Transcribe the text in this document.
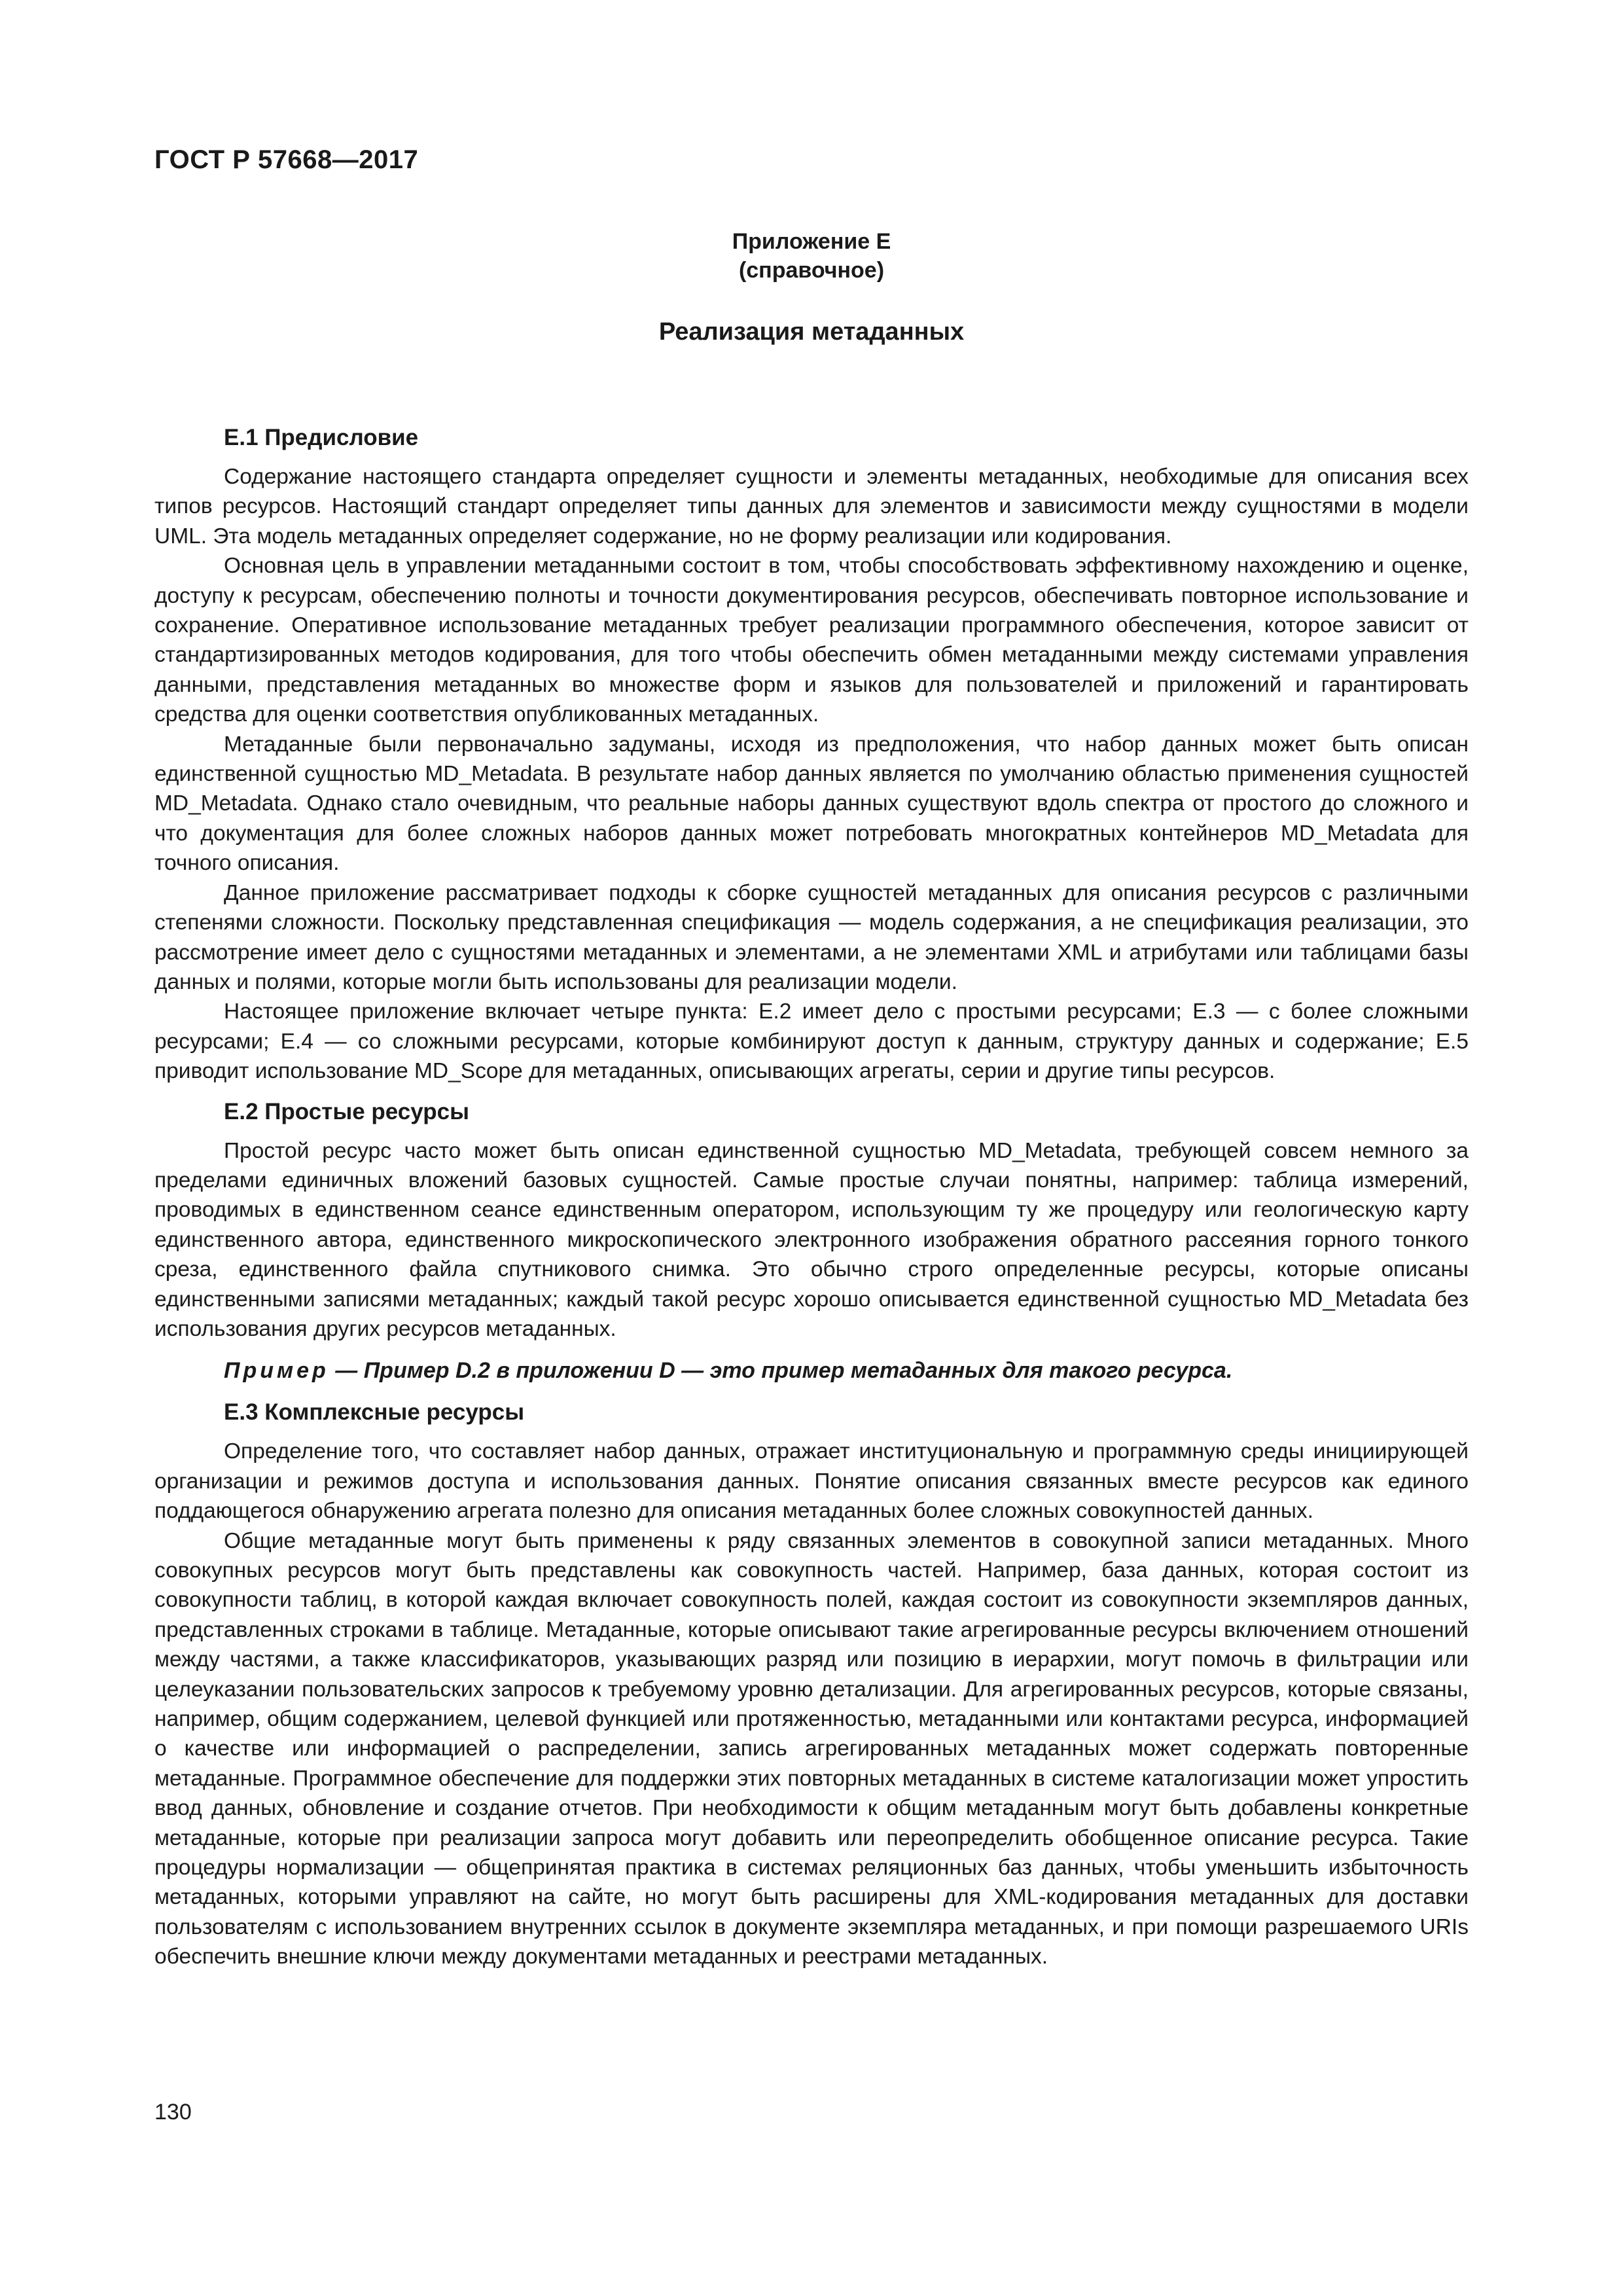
ГОСТ Р 57668—2017
Приложение Е
(справочное)
Реализация метаданных
Е.1 Предисловие

Содержание настоящего стандарта определяет сущности и элементы метаданных, необходимые для описания всех типов ресурсов. Настоящий стандарт определяет типы данных для элементов и зависимости между сущностями в модели UML. Эта модель метаданных определяет содержание, но не форму реализации или кодирования.

Основная цель в управлении метаданными состоит в том, чтобы способствовать эффективному нахождению и оценке, доступу к ресурсам, обеспечению полноты и точности документирования ресурсов, обеспечивать повторное использование и сохранение. Оперативное использование метаданных требует реализации программного обеспечения, которое зависит от стандартизированных методов кодирования, для того чтобы обеспечить обмен метаданными между системами управления данными, представления метаданных во множестве форм и языков для пользователей и приложений и гарантировать средства для оценки соответствия опубликованных метаданных.

Метаданные были первоначально задуманы, исходя из предположения, что набор данных может быть описан единственной сущностью MD_Metadata. В результате набор данных является по умолчанию областью применения сущностей MD_Metadata. Однако стало очевидным, что реальные наборы данных существуют вдоль спектра от простого до сложного и что документация для более сложных наборов данных может потребовать многократных контейнеров MD_Metadata для точного описания.

Данное приложение рассматривает подходы к сборке сущностей метаданных для описания ресурсов с различными степенями сложности. Поскольку представленная спецификация — модель содержания, а не спецификация реализации, это рассмотрение имеет дело с сущностями метаданных и элементами, а не элементами XML и атрибутами или таблицами базы данных и полями, которые могли быть использованы для реализации модели.

Настоящее приложение включает четыре пункта: Е.2 имеет дело с простыми ресурсами; Е.3 — с более сложными ресурсами; Е.4 — со сложными ресурсами, которые комбинируют доступ к данным, структуру данных и содержание; Е.5 приводит использование MD_Scope для метаданных, описывающих агрегаты, серии и другие типы ресурсов.

Е.2 Простые ресурсы

Простой ресурс часто может быть описан единственной сущностью MD_Metadata, требующей совсем немного за пределами единичных вложений базовых сущностей. Самые простые случаи понятны, например: таблица измерений, проводимых в единственном сеансе единственным оператором, использующим ту же процедуру или геологическую карту единственного автора, единственного микроскопического электронного изображения обратного рассеяния горного тонкого среза, единственного файла спутникового снимка. Это обычно строго определенные ресурсы, которые описаны единственными записями метаданных; каждый такой ресурс хорошо описывается единственной сущностью MD_Metadata без использования других ресурсов метаданных.

Пример — Пример D.2 в приложении D — это пример метаданных для такого ресурса.
Е.3 Комплексные ресурсы

Определение того, что составляет набор данных, отражает институциональную и программную среды инициирующей организации и режимов доступа и использования данных. Понятие описания связанных вместе ресурсов как единого поддающегося обнаружению агрегата полезно для описания метаданных более сложных совокупностей данных.

Общие метаданные могут быть применены к ряду связанных элементов в совокупной записи метаданных. Много совокупных ресурсов могут быть представлены как совокупность частей. Например, база данных, которая состоит из совокупности таблиц, в которой каждая включает совокупность полей, каждая состоит из совокупности экземпляров данных, представленных строками в таблице. Метаданные, которые описывают такие агрегированные ресурсы включением отношений между частями, а также классификаторов, указывающих разряд или позицию в иерархии, могут помочь в фильтрации или целеуказании пользовательских запросов к требуемому уровню детализации. Для агрегированных ресурсов, которые связаны, например, общим содержанием, целевой функцией или протяженностью, метаданными или контактами ресурса, информацией о качестве или информацией о распределении, запись агрегированных метаданных может содержать повторенные метаданные. Программное обеспечение для поддержки этих повторных метаданных в системе каталогизации может упростить ввод данных, обновление и создание отчетов. При необходимости к общим метаданным могут быть добавлены конкретные метаданные, которые при реализации запроса могут добавить или переопределить обобщенное описание ресурса. Такие процедуры нормализации — общепринятая практика в системах реляционных баз данных, чтобы уменьшить избыточность метаданных, которыми управляют на сайте, но могут быть расширены для XML-кодирования метаданных для доставки пользователям с использованием внутренних ссылок в документе экземпляра метаданных, и при помощи разрешаемого URIs обеспечить внешние ключи между документами метаданных и реестрами метаданных.

130
